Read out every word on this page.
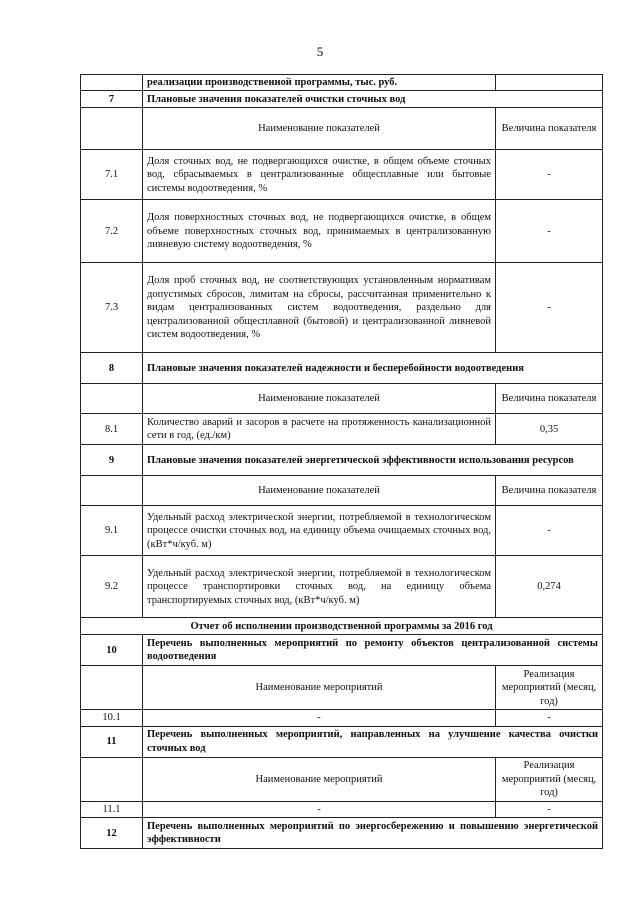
5
	реализации производственной программы, тыс. руб.	
7	Плановые значения показателей очистки сточных вод	
	Наименование показателей	Величина показателя
7.1	Доля сточных вод, не подвергающихся очистке, в общем объеме сточных вод, сбрасываемых в централизованные общесплавные или бытовые системы водоотведения, %	-
7.2	Доля поверхностных сточных вод, не подвергающихся очистке, в общем объеме поверхностных сточных вод, принимаемых в централизованную ливневую систему водоотведения, %	-
7.3	Доля проб сточных вод, не соответствующих установленным нормативам допустимых сбросов, лимитам на сбросы, рассчитанная применительно к видам централизованных систем водоотведения, раздельно для централизованной общесплавной (бытовой) и централизованной ливневой систем водоотведения, %	-
8	Плановые значения показателей надежности и бесперебойности водоотведения	
	Наименование показателей	Величина показателя
8.1	Количество аварий и засоров в расчете на протяженность канализационной сети в год, (ед./км)	0,35
9	Плановые значения показателей энергетической эффективности использования ресурсов	
	Наименование показателей	Величина показателя
9.1	Удельный расход электрической энергии, потребляемой в технологическом процессе очистки сточных вод, на единицу объема очищаемых сточных вод, (кВт*ч/куб. м)	-
9.2	Удельный расход электрической энергии, потребляемой в технологическом процессе транспортировки сточных вод, на единицу объема транспортируемых сточных вод, (кВт*ч/куб. м)	0,274
Отчет об исполнении производственной программы за 2016 год		
10	Перечень выполненных мероприятий по ремонту объектов централизованной системы водоотведения	
	Наименование мероприятий	Реализация мероприятий (месяц, год)
10.1	-	-
11	Перечень выполненных мероприятий, направленных на улучшение качества очистки сточных вод	
	Наименование мероприятий	Реализация мероприятий (месяц, год)
11.1	-	-
12	Перечень выполненных мероприятий по энергосбережению и повышению энергетической эффективности	
